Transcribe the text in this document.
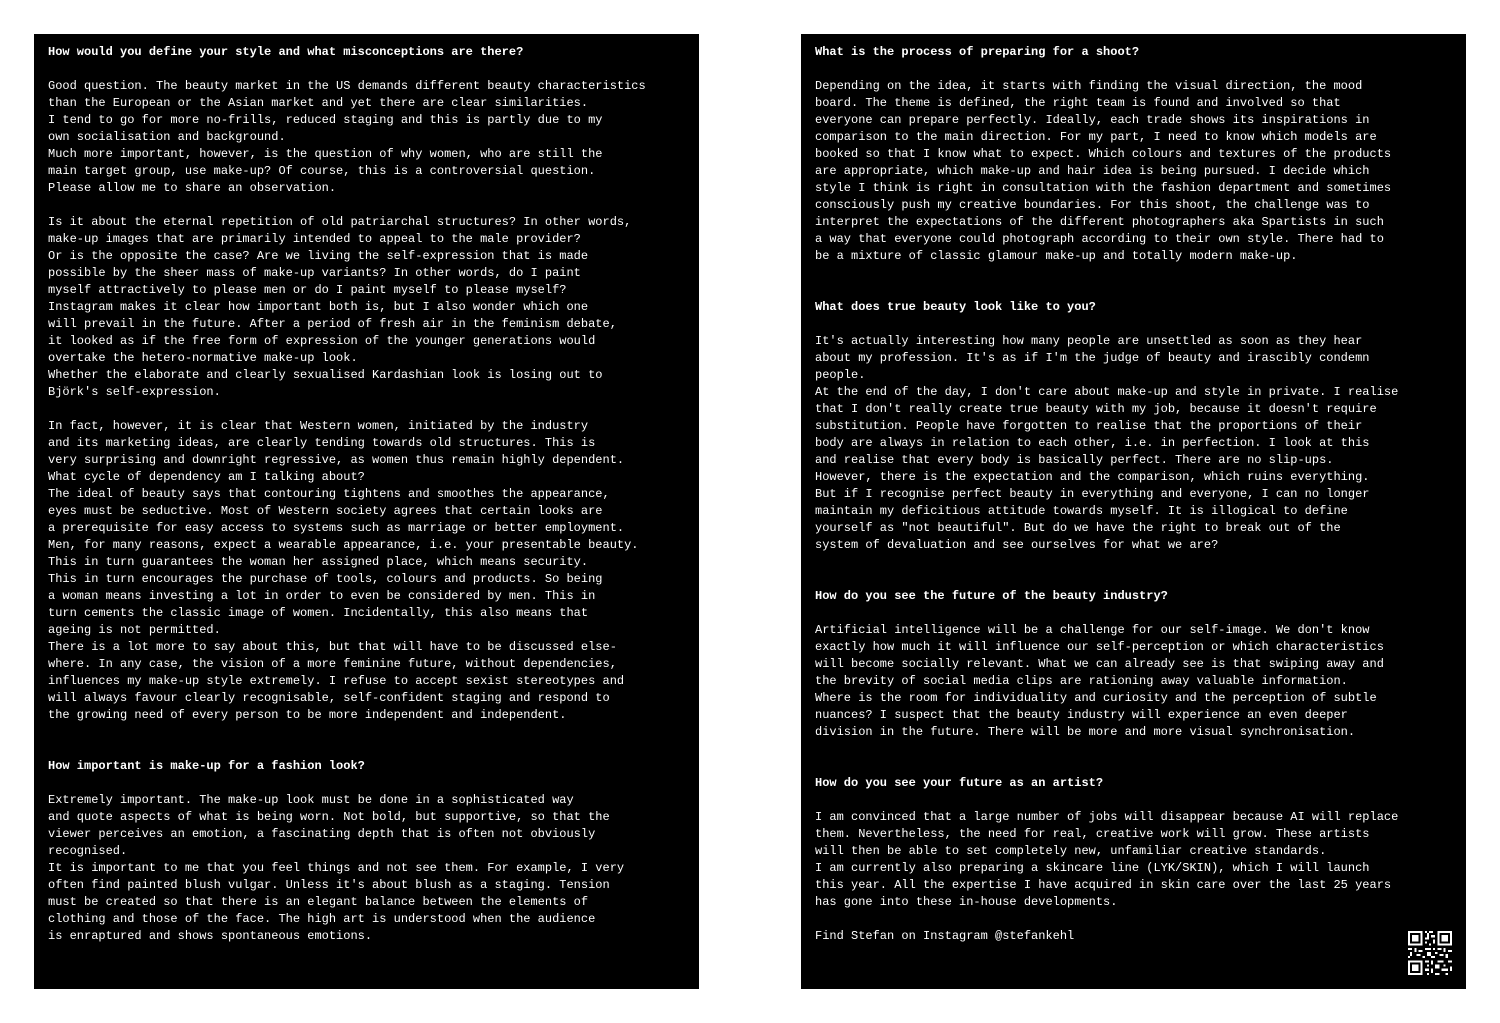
How would you define your style and what misconceptions are there?

Good question. The beauty market in the US demands different beauty characteristics
than the European or the Asian market and yet there are clear similarities.
I tend to go for more no-frills, reduced staging and this is partly due to my
own socialisation and background.
Much more important, however, is the question of why women, who are still the
main target group, use make-up? Of course, this is a controversial question.
Please allow me to share an observation.

Is it about the eternal repetition of old patriarchal structures? In other words,
make-up images that are primarily intended to appeal to the male provider?
Or is the opposite the case? Are we living the self-expression that is made
possible by the sheer mass of make-up variants? In other words, do I paint
myself attractively to please men or do I paint myself to please myself?
Instagram makes it clear how important both is, but I also wonder which one
will prevail in the future. After a period of fresh air in the feminism debate,
it looked as if the free form of expression of the younger generations would
overtake the hetero-normative make-up look.
Whether the elaborate and clearly sexualised Kardashian look is losing out to
Björk's self-expression.

In fact, however, it is clear that Western women, initiated by the industry
and its marketing ideas, are clearly tending towards old structures. This is
very surprising and downright regressive, as women thus remain highly dependent.
What cycle of dependency am I talking about?
The ideal of beauty says that contouring tightens and smoothes the appearance,
eyes must be seductive. Most of Western society agrees that certain looks are
a prerequisite for easy access to systems such as marriage or better employment.
Men, for many reasons, expect a wearable appearance, i.e. your presentable beauty.
This in turn guarantees the woman her assigned place, which means security.
This in turn encourages the purchase of tools, colours and products. So being
a woman means investing a lot in order to even be considered by men. This in
turn cements the classic image of women. Incidentally, this also means that
ageing is not permitted.
There is a lot more to say about this, but that will have to be discussed else-
where. In any case, the vision of a more feminine future, without dependencies,
influences my make-up style extremely. I refuse to accept sexist stereotypes and
will always favour clearly recognisable, self-confident staging and respond to
the growing need of every person to be more independent and independent.

How important is make-up for a fashion look?

Extremely important. The make-up look must be done in a sophisticated way
and quote aspects of what is being worn. Not bold, but supportive, so that the
viewer perceives an emotion, a fascinating depth that is often not obviously
recognised.
It is important to me that you feel things and not see them. For example, I very
often find painted blush vulgar. Unless it's about blush as a staging. Tension
must be created so that there is an elegant balance between the elements of
clothing and those of the face. The high art is understood when the audience
is enraptured and shows spontaneous emotions.

What is the process of preparing for a shoot?

Depending on the idea, it starts with finding the visual direction, the mood
board. The theme is defined, the right team is found and involved so that
everyone can prepare perfectly. Ideally, each trade shows its inspirations in
comparison to the main direction. For my part, I need to know which models are
booked so that I know what to expect. Which colours and textures of the products
are appropriate, which make-up and hair idea is being pursued. I decide which
style I think is right in consultation with the fashion department and sometimes
consciously push my creative boundaries. For this shoot, the challenge was to
interpret the expectations of the different photographers aka Spartists in such
a way that everyone could photograph according to their own style. There had to
be a mixture of classic glamour make-up and totally modern make-up.

What does true beauty look like to you?

It's actually interesting how many people are unsettled as soon as they hear
about my profession. It's as if I'm the judge of beauty and irascibly condemn
people.
At the end of the day, I don't care about make-up and style in private. I realise
that I don't really create true beauty with my job, because it doesn't require
substitution. People have forgotten to realise that the proportions of their
body are always in relation to each other, i.e. in perfection. I look at this
and realise that every body is basically perfect. There are no slip-ups.
However, there is the expectation and the comparison, which ruins everything.
But if I recognise perfect beauty in everything and everyone, I can no longer
maintain my deficitious attitude towards myself. It is illogical to define
yourself as "not beautiful". But do we have the right to break out of the
system of devaluation and see ourselves for what we are?

How do you see the future of the beauty industry?

Artificial intelligence will be a challenge for our self-image. We don't know
exactly how much it will influence our self-perception or which characteristics
will become socially relevant. What we can already see is that swiping away and
the brevity of social media clips are rationing away valuable information.
Where is the room for individuality and curiosity and the perception of subtle
nuances? I suspect that the beauty industry will experience an even deeper
division in the future. There will be more and more visual synchronisation.

How do you see your future as an artist?

I am convinced that a large number of jobs will disappear because AI will replace
them. Nevertheless, the need for real, creative work will grow. These artists
will then be able to set completely new, unfamiliar creative standards.
I am currently also preparing a skincare line (LYK/SKIN), which I will launch
this year. All the expertise I have acquired in skin care over the last 25 years
has gone into these in-house developments.

Find Stefan on Instagram @stefankehl
